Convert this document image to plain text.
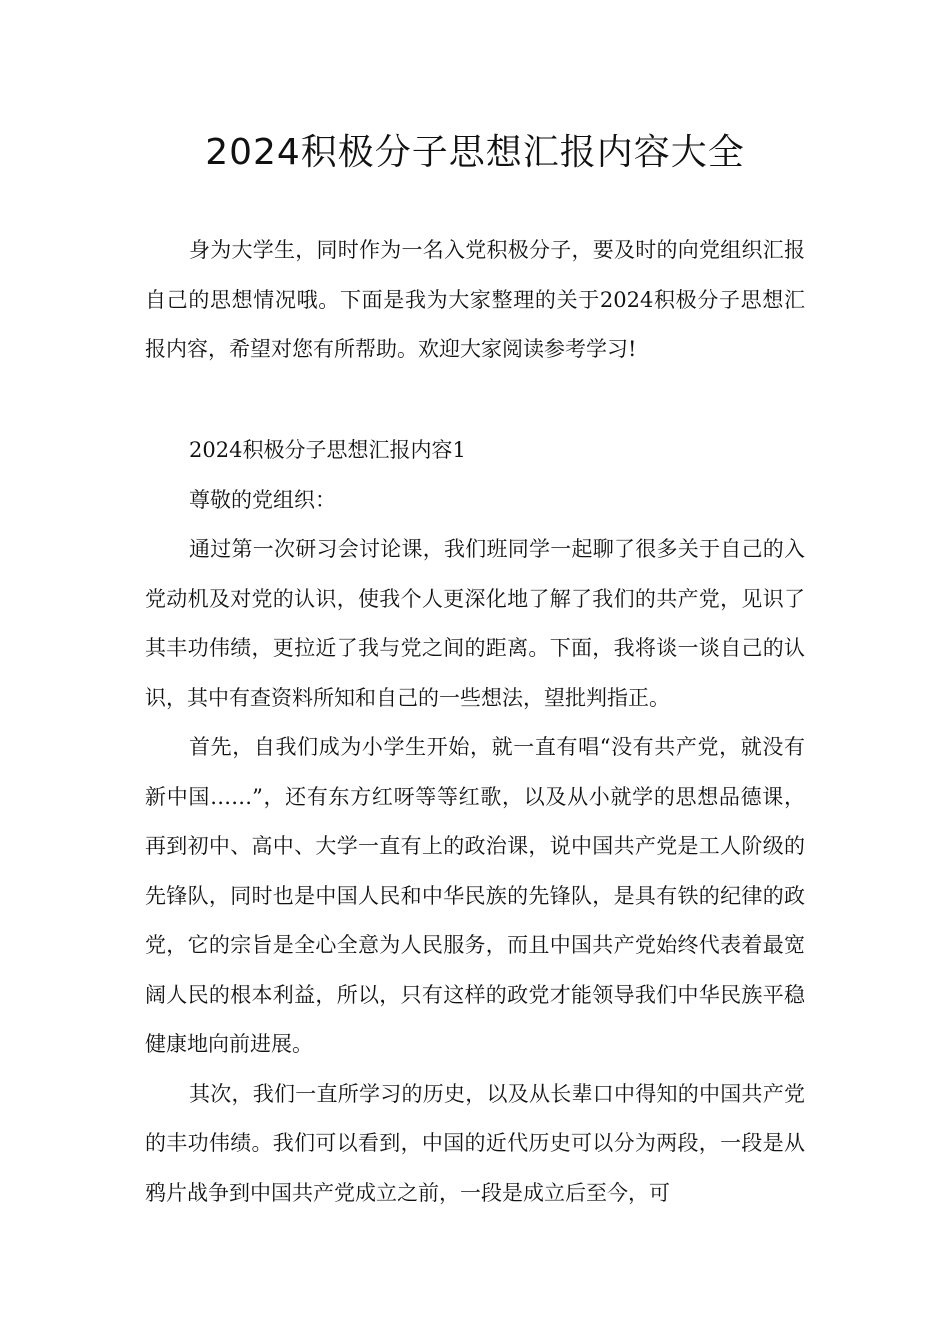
2024积极分子思想汇报内容大全

身为大学生，同时作为一名入党积极分子，要及时的向党组织汇报自己的思想情况哦。下面是我为大家整理的关于2024积极分子思想汇报内容，希望对您有所帮助。欢迎大家阅读参考学习!

2024积极分子思想汇报内容1

尊敬的党组织：

通过第一次研习会讨论课，我们班同学一起聊了很多关于自己的入党动机及对党的认识，使我个人更深化地了解了我们的共产党，见识了其丰功伟绩，更拉近了我与党之间的距离。下面，我将谈一谈自己的认识，其中有查资料所知和自己的一些想法，望批判指正。

首先，自我们成为小学生开始，就一直有唱“没有共产党，就没有新中国……”，还有东方红呀等等红歌，以及从小就学的思想品德课，再到初中、高中、大学一直有上的政治课，说中国共产党是工人阶级的先锋队，同时也是中国人民和中华民族的先锋队，是具有铁的纪律的政党，它的宗旨是全心全意为人民服务，而且中国共产党始终代表着最宽阔人民的根本利益，所以，只有这样的政党才能领导我们中华民族平稳健康地向前进展。

其次，我们一直所学习的历史，以及从长辈口中得知的中国共产党的丰功伟绩。我们可以看到，中国的近代历史可以分为两段，一段是从鸦片战争到中国共产党成立之前，一段是成立后至今，可
